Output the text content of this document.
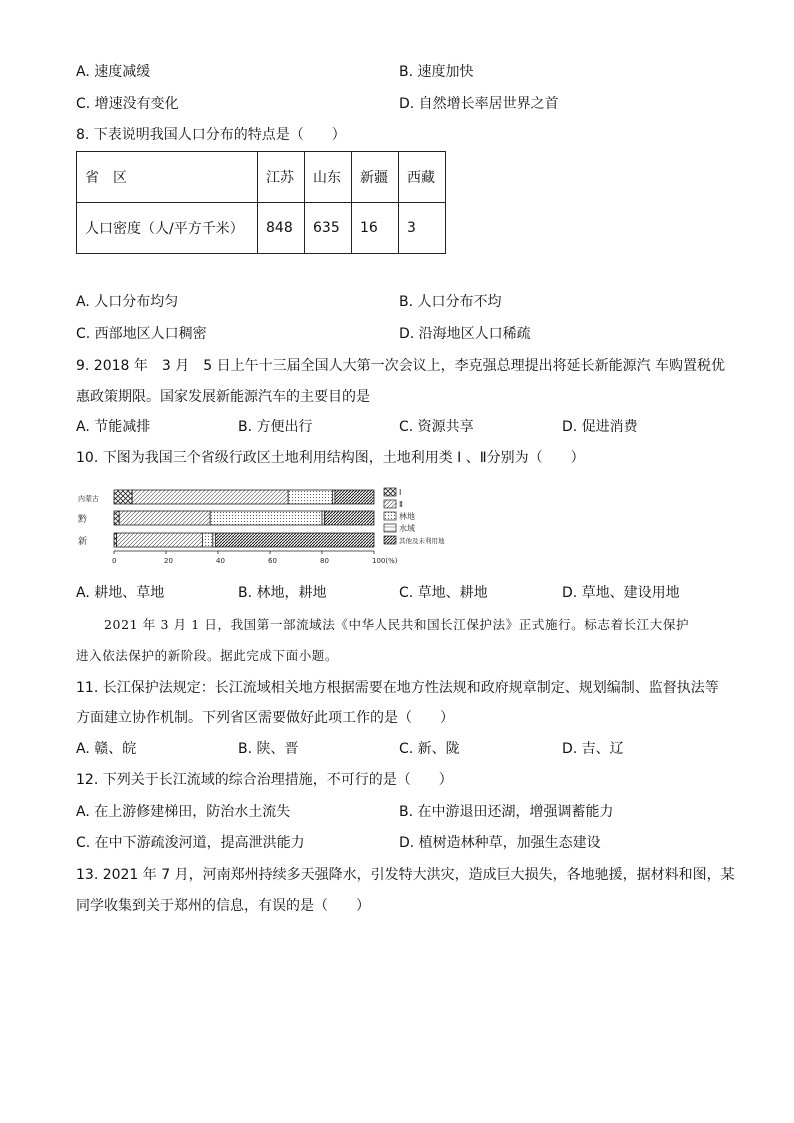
A. 速度减缓	B. 速度加快
C. 增速没有变化	D. 自然增长率居世界之首
8. 下表说明我国人口分布的特点是（　　）
省　区	江苏	山东	新疆	西藏
人口密度（人/平方千米）	848	635	16	3
A. 人口分布均匀	B. 人口分布不均
C. 西部地区人口稠密	D. 沿海地区人口稀疏
9. 2018 年　3 月　5 日上午十三届全国人大第一次会议上，李克强总理提出将延长新能源汽 车购置税优
惠政策期限。国家发展新能源汽车的主要目的是
A. 节能减排	B. 方便出行	C. 资源共享	D. 促进消费
10. 下图为我国三个省级行政区土地利用结构图，土地利用类 Ⅰ 、Ⅱ分别为（　　）
内蒙古
黔
新
0	20	40	60	80	100(%)
Ⅰ
Ⅱ
林地
水域
其他及未利用地
A. 耕地、草地	B. 林地，耕地	C. 草地、耕地	D. 草地、建设用地
2021 年 3 月 1 日，我国第一部流域法《中华人民共和国长江保护法》正式施行。标志着长江大保护
进入依法保护的新阶段。据此完成下面小题。
11. 长江保护法规定：长江流域相关地方根据需要在地方性法规和政府规章制定、规划编制、监督执法等
方面建立协作机制。下列省区需要做好此项工作的是（　　）
A. 赣、皖	B. 陕、晋	C. 新、陇	D. 吉、辽
12. 下列关于长江流域的综合治理措施，不可行的是（　　）
A. 在上游修建梯田，防治水土流失	B. 在中游退田还湖，增强调蓄能力
C. 在中下游疏浚河道，提高泄洪能力	D. 植树造林种草，加强生态建设
13. 2021 年 7 月，河南郑州持续多天强降水，引发特大洪灾，造成巨大损失，各地驰援，据材料和图，某
同学收集到关于郑州的信息，有误的是（　　）
